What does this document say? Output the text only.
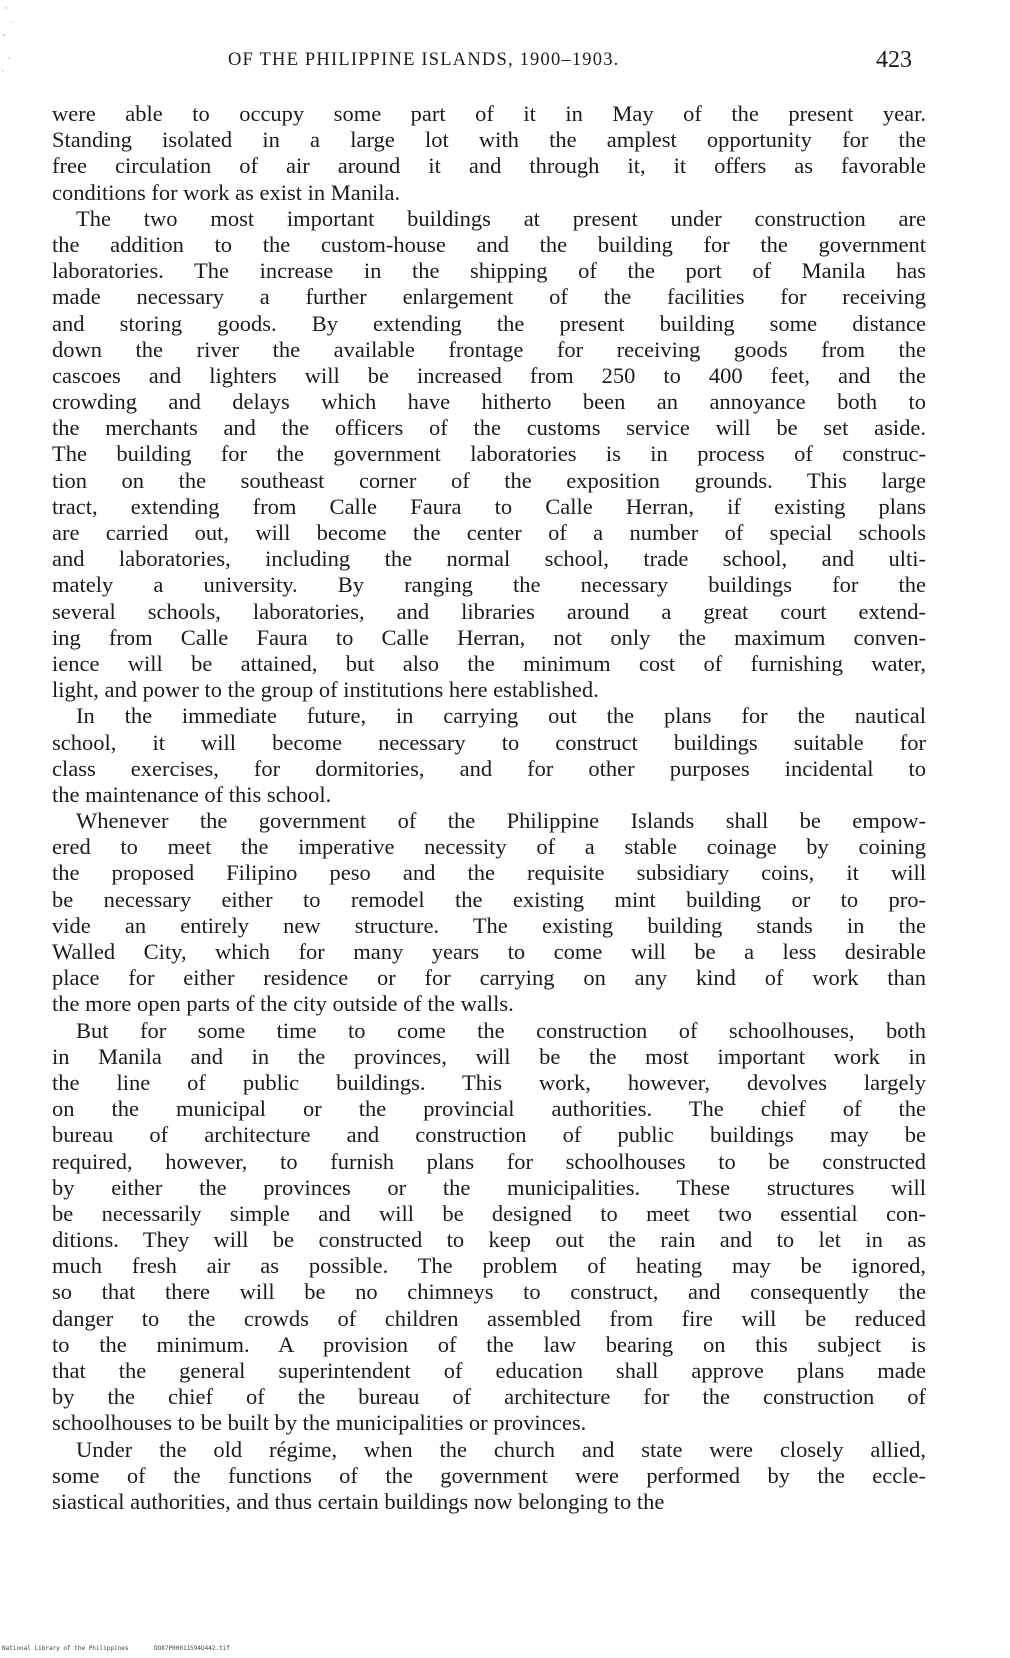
OF THE PHILIPPINE ISLANDS, 1900–1903.	423
were able to occupy some part of it in May of the present year.
Standing isolated in a large lot with the amplest opportunity for the
free circulation of air around it and through it, it offers as favorable
conditions for work as exist in Manila.
The two most important buildings at present under construction are
the addition to the custom-house and the building for the government
laboratories. The increase in the shipping of the port of Manila has
made necessary a further enlargement of the facilities for receiving
and storing goods. By extending the present building some distance
down the river the available frontage for receiving goods from the
cascoes and lighters will be increased from 250 to 400 feet, and the
crowding and delays which have hitherto been an annoyance both to
the merchants and the officers of the customs service will be set aside.
The building for the government laboratories is in process of construc-
tion on the southeast corner of the exposition grounds. This large
tract, extending from Calle Faura to Calle Herran, if existing plans
are carried out, will become the center of a number of special schools
and laboratories, including the normal school, trade school, and ulti-
mately a university. By ranging the necessary buildings for the
several schools, laboratories, and libraries around a great court extend-
ing from Calle Faura to Calle Herran, not only the maximum conven-
ience will be attained, but also the minimum cost of furnishing water,
light, and power to the group of institutions here established.
In the immediate future, in carrying out the plans for the nautical
school, it will become necessary to construct buildings suitable for
class exercises, for dormitories, and for other purposes incidental to
the maintenance of this school.
Whenever the government of the Philippine Islands shall be empow-
ered to meet the imperative necessity of a stable coinage by coining
the proposed Filipino peso and the requisite subsidiary coins, it will
be necessary either to remodel the existing mint building or to pro-
vide an entirely new structure. The existing building stands in the
Walled City, which for many years to come will be a less desirable
place for either residence or for carrying on any kind of work than
the more open parts of the city outside of the walls.
But for some time to come the construction of schoolhouses, both
in Manila and in the provinces, will be the most important work in
the line of public buildings. This work, however, devolves largely
on the municipal or the provincial authorities. The chief of the
bureau of architecture and construction of public buildings may be
required, however, to furnish plans for schoolhouses to be constructed
by either the provinces or the municipalities. These structures will
be necessarily simple and will be designed to meet two essential con-
ditions. They will be constructed to keep out the rain and to let in as
much fresh air as possible. The problem of heating may be ignored,
so that there will be no chimneys to construct, and consequently the
danger to the crowds of children assembled from fire will be reduced
to the minimum. A provision of the law bearing on this subject is
that the general superintendent of education shall approve plans made
by the chief of the bureau of architecture for the construction of
schoolhouses to be built by the municipalities or provinces.
Under the old régime, when the church and state were closely allied,
some of the functions of the government were performed by the eccle-
siastical authorities, and thus certain buildings now belonging to the
National Library of the Philippines	DO87P00011594O442.tif
